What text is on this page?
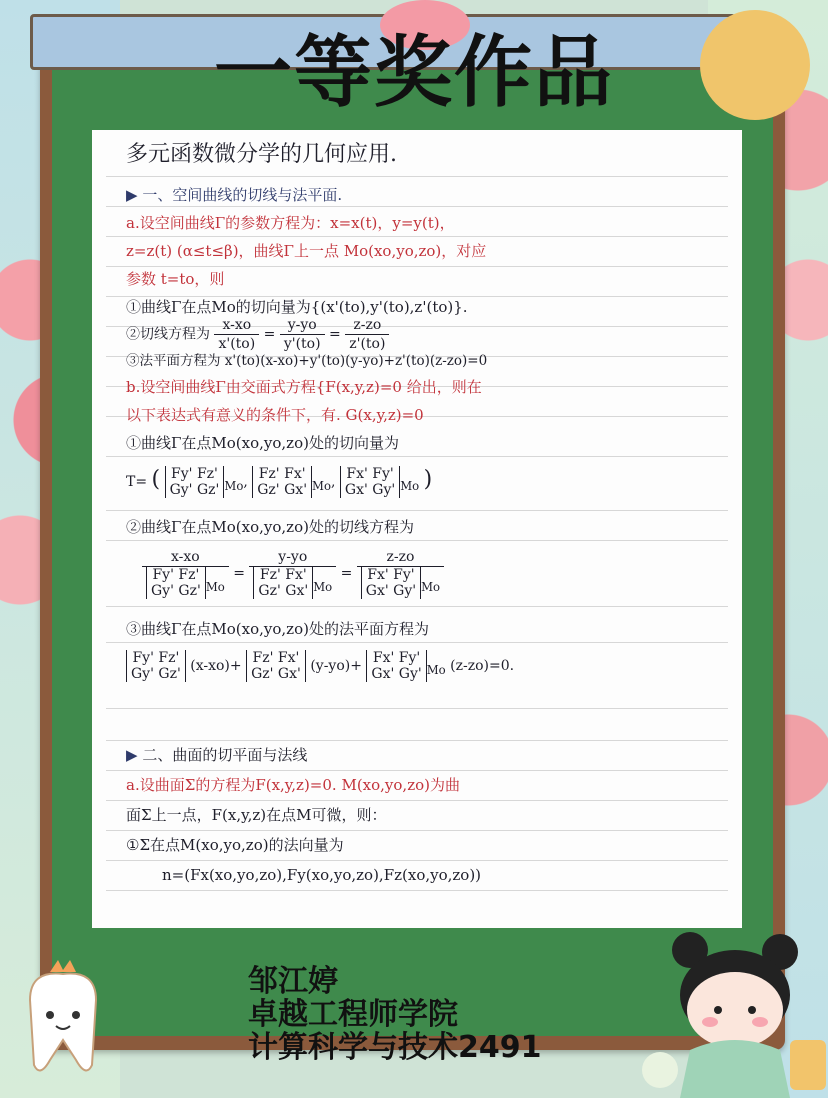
一等奖作品
多元函数微分学的几何应用.
▶ 一、空间曲线的切线与法平面.
a.设空间曲线Γ的参数方程为：x=x(t)，y=y(t)，
z=z(t) (α≤t≤β)，曲线Γ上一点 Mo(xo,yo,zo)，对应
参数 t=to，则
①曲线Γ在点Mo的切向量为{(x'(to),y'(to),z'(to)}.
②切线方程为 $\frac{x-xo}{x'(to)} = \frac{y-yo}{y'(to)} = \frac{z-zo}{z'(to)}$
③法平面方程为 x'(to)(x-xo)+y'(to)(y-yo)+z'(to)(z-zo)=0
b.设空间曲线Γ由交面式方程{F(x,y,z)=0 给出，则在
以下表达式有意义的条件下，有. G(x,y,z)=0
①曲线Γ在点Mo(xo,yo,zo)处的切向量为
T= ( Fy' Fz'
Gy' Gz' $_{Mo}$, Fz' Fx'
Gz' Gx' $_{Mo}$, Fx' Fy'
Gx' Gy' $_{Mo}$ )
②曲线Γ在点Mo(xo,yo,zo)处的切线方程为
x-xo
Fy' Fz'
Gy' Gz' $_{Mo}$
=
y-yo
Fz' Fx'
Gz' Gx' $_{Mo}$
=
z-zo
Fx' Fy'
Gx' Gy' $_{Mo}$
③曲线Γ在点Mo(xo,yo,zo)处的法平面方程为
Fy' Fz'
Gy' Gz' (x-xo)+ Fz' Fx'
Gz' Gx' (y-yo)+ Fx' Fy'
Gx' Gy' $_{Mo}$ (z-zo)=0.
▶ 二、曲面的切平面与法线
a.设曲面Σ的方程为F(x,y,z)=0. M(xo,yo,zo)为曲
面Σ上一点，F(x,y,z)在点M可微，则：
①Σ在点M(xo,yo,zo)的法向量为
n=(Fx(xo,yo,zo),Fy(xo,yo,zo),Fz(xo,yo,zo))
邹江婷
卓越工程师学院
计算科学与技术2491
